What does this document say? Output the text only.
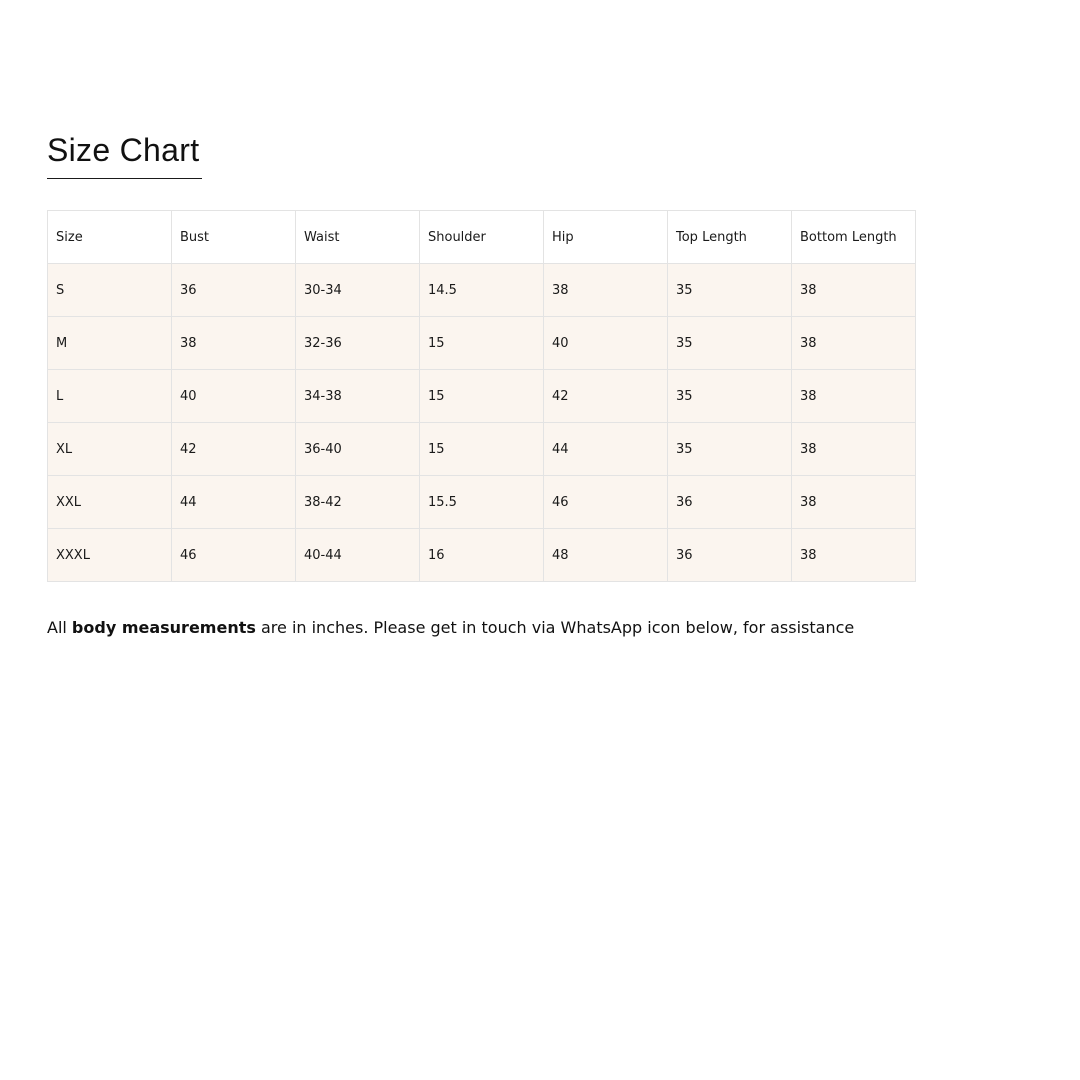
Size Chart
Size	Bust	Waist	Shoulder	Hip	Top Length	Bottom Length
S	36	30-34	14.5	38	35	38
M	38	32-36	15	40	35	38
L	40	34-38	15	42	35	38
XL	42	36-40	15	44	35	38
XXL	44	38-42	15.5	46	36	38
XXXL	46	40-44	16	48	36	38

All body measurements are in inches. Please get in touch via WhatsApp icon below, for assistance
